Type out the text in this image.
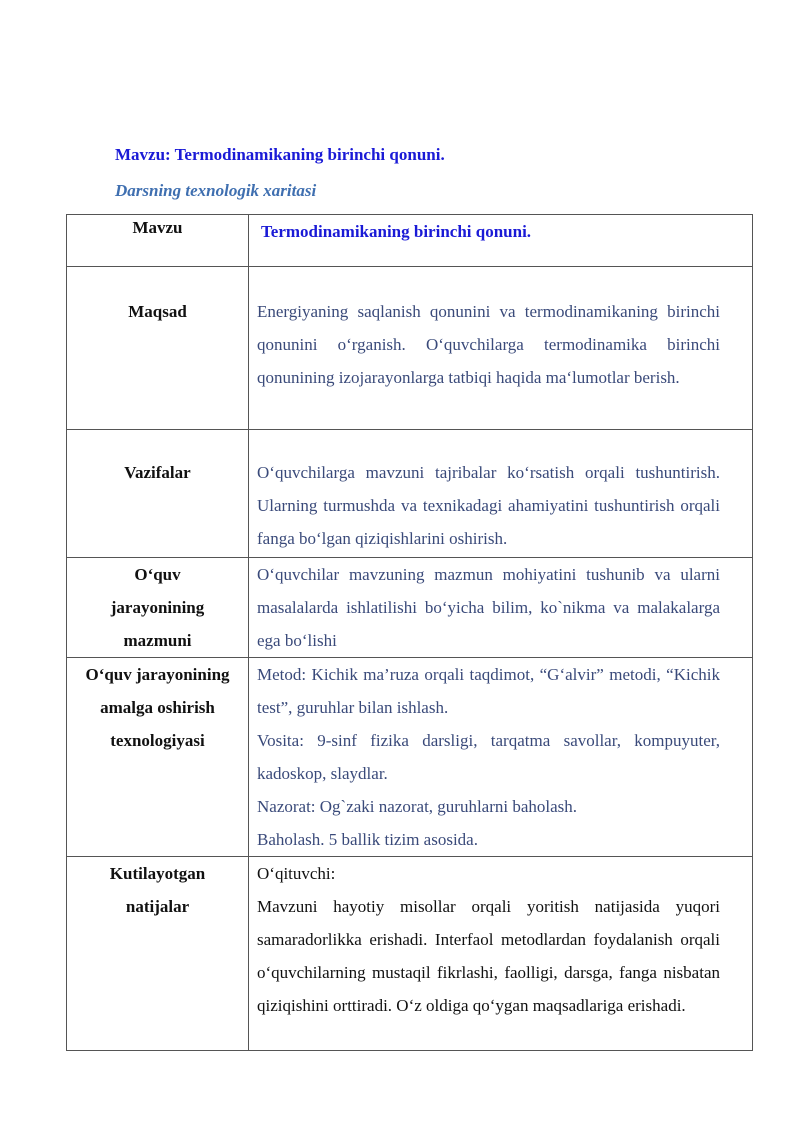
Mavzu: Termodinamikaning birinchi qonuni.
Darsning texnologik xaritasi
Mavzu	Termodinamikaning birinchi qonuni.
Maqsad	Energiyaning saqlanish qonunini va termodinamikaning birinchi qonunini o‘rganish. O‘quvchilarga termodinamika birinchi qonunining izojarayonlarga tatbiqi haqida ma‘lumotlar berish.
Vazifalar	O‘quvchilarga mavzuni tajribalar ko‘rsatish orqali tushuntirish. Ularning turmushda va texnikadagi ahamiyatini tushuntirish orqali fanga bo‘lgan qiziqishlarini oshirish.
O‘quv jarayonining mazmuni	O‘quvchilar mavzuning mazmun mohiyatini tushunib va ularni masalalarda ishlatilishi bo‘yicha bilim, ko`nikma va malakalarga ega bo‘lishi
O‘quv jarayonining amalga oshirish texnologiyasi	Metod: Kichik ma’ruza orqali taqdimot, “G‘alvir” metodi, “Kichik test”, guruhlar bilan ishlash.
Vosita: 9-sinf fizika darsligi, tarqatma savollar, kompuyuter, kadoskop, slaydlar.
Nazorat: Og`zaki nazorat, guruhlarni baholash.
Baholash. 5 ballik tizim asosida.

Kutilayotgan natijalar	O‘qituvchi:
Mavzuni hayotiy misollar orqali yoritish natijasida yuqori samaradorlikka erishadi. Interfaol metodlardan foydalanish orqali o‘quvchilarning mustaqil fikrlashi, faolligi, darsga, fanga nisbatan qiziqishini orttiradi. O‘z oldiga qo‘ygan maqsadlariga erishadi.
